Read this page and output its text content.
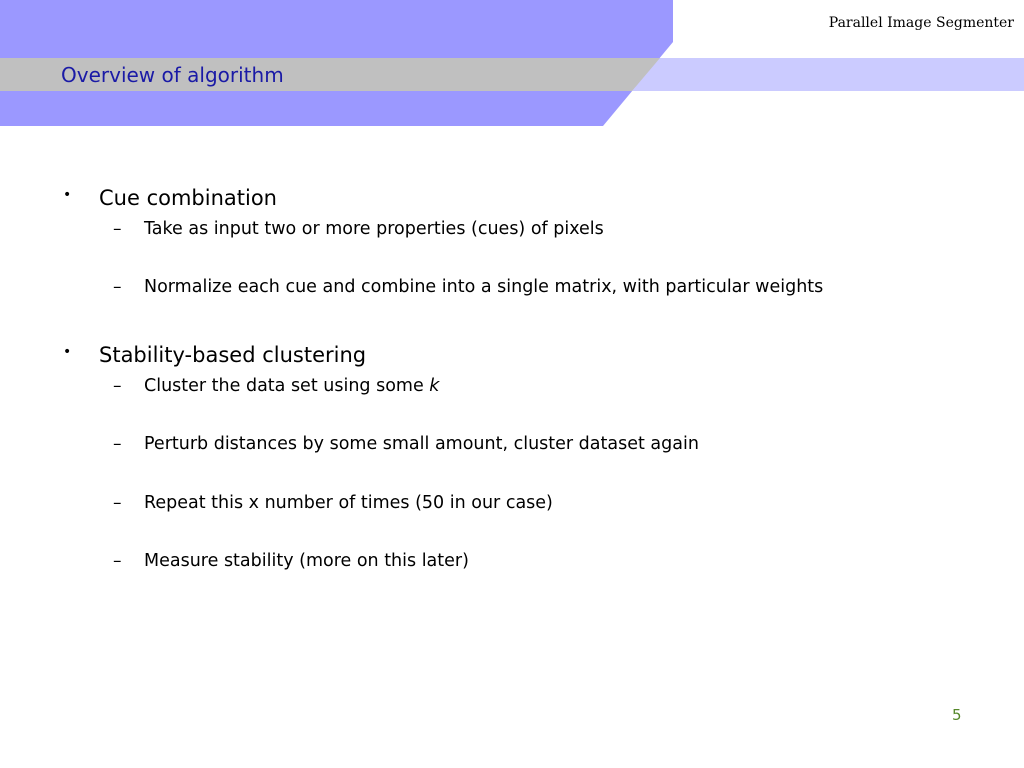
Parallel Image Segmenter
Overview of algorithm
• Cue combination
– Take as input two or more properties (cues) of pixels
– Normalize each cue and combine into a single matrix, with particular weights
• Stability-based clustering
– Cluster the data set using some k
– Perturb distances by some small amount, cluster dataset again
– Repeat this x number of times (50 in our case)
– Measure stability (more on this later)
5
